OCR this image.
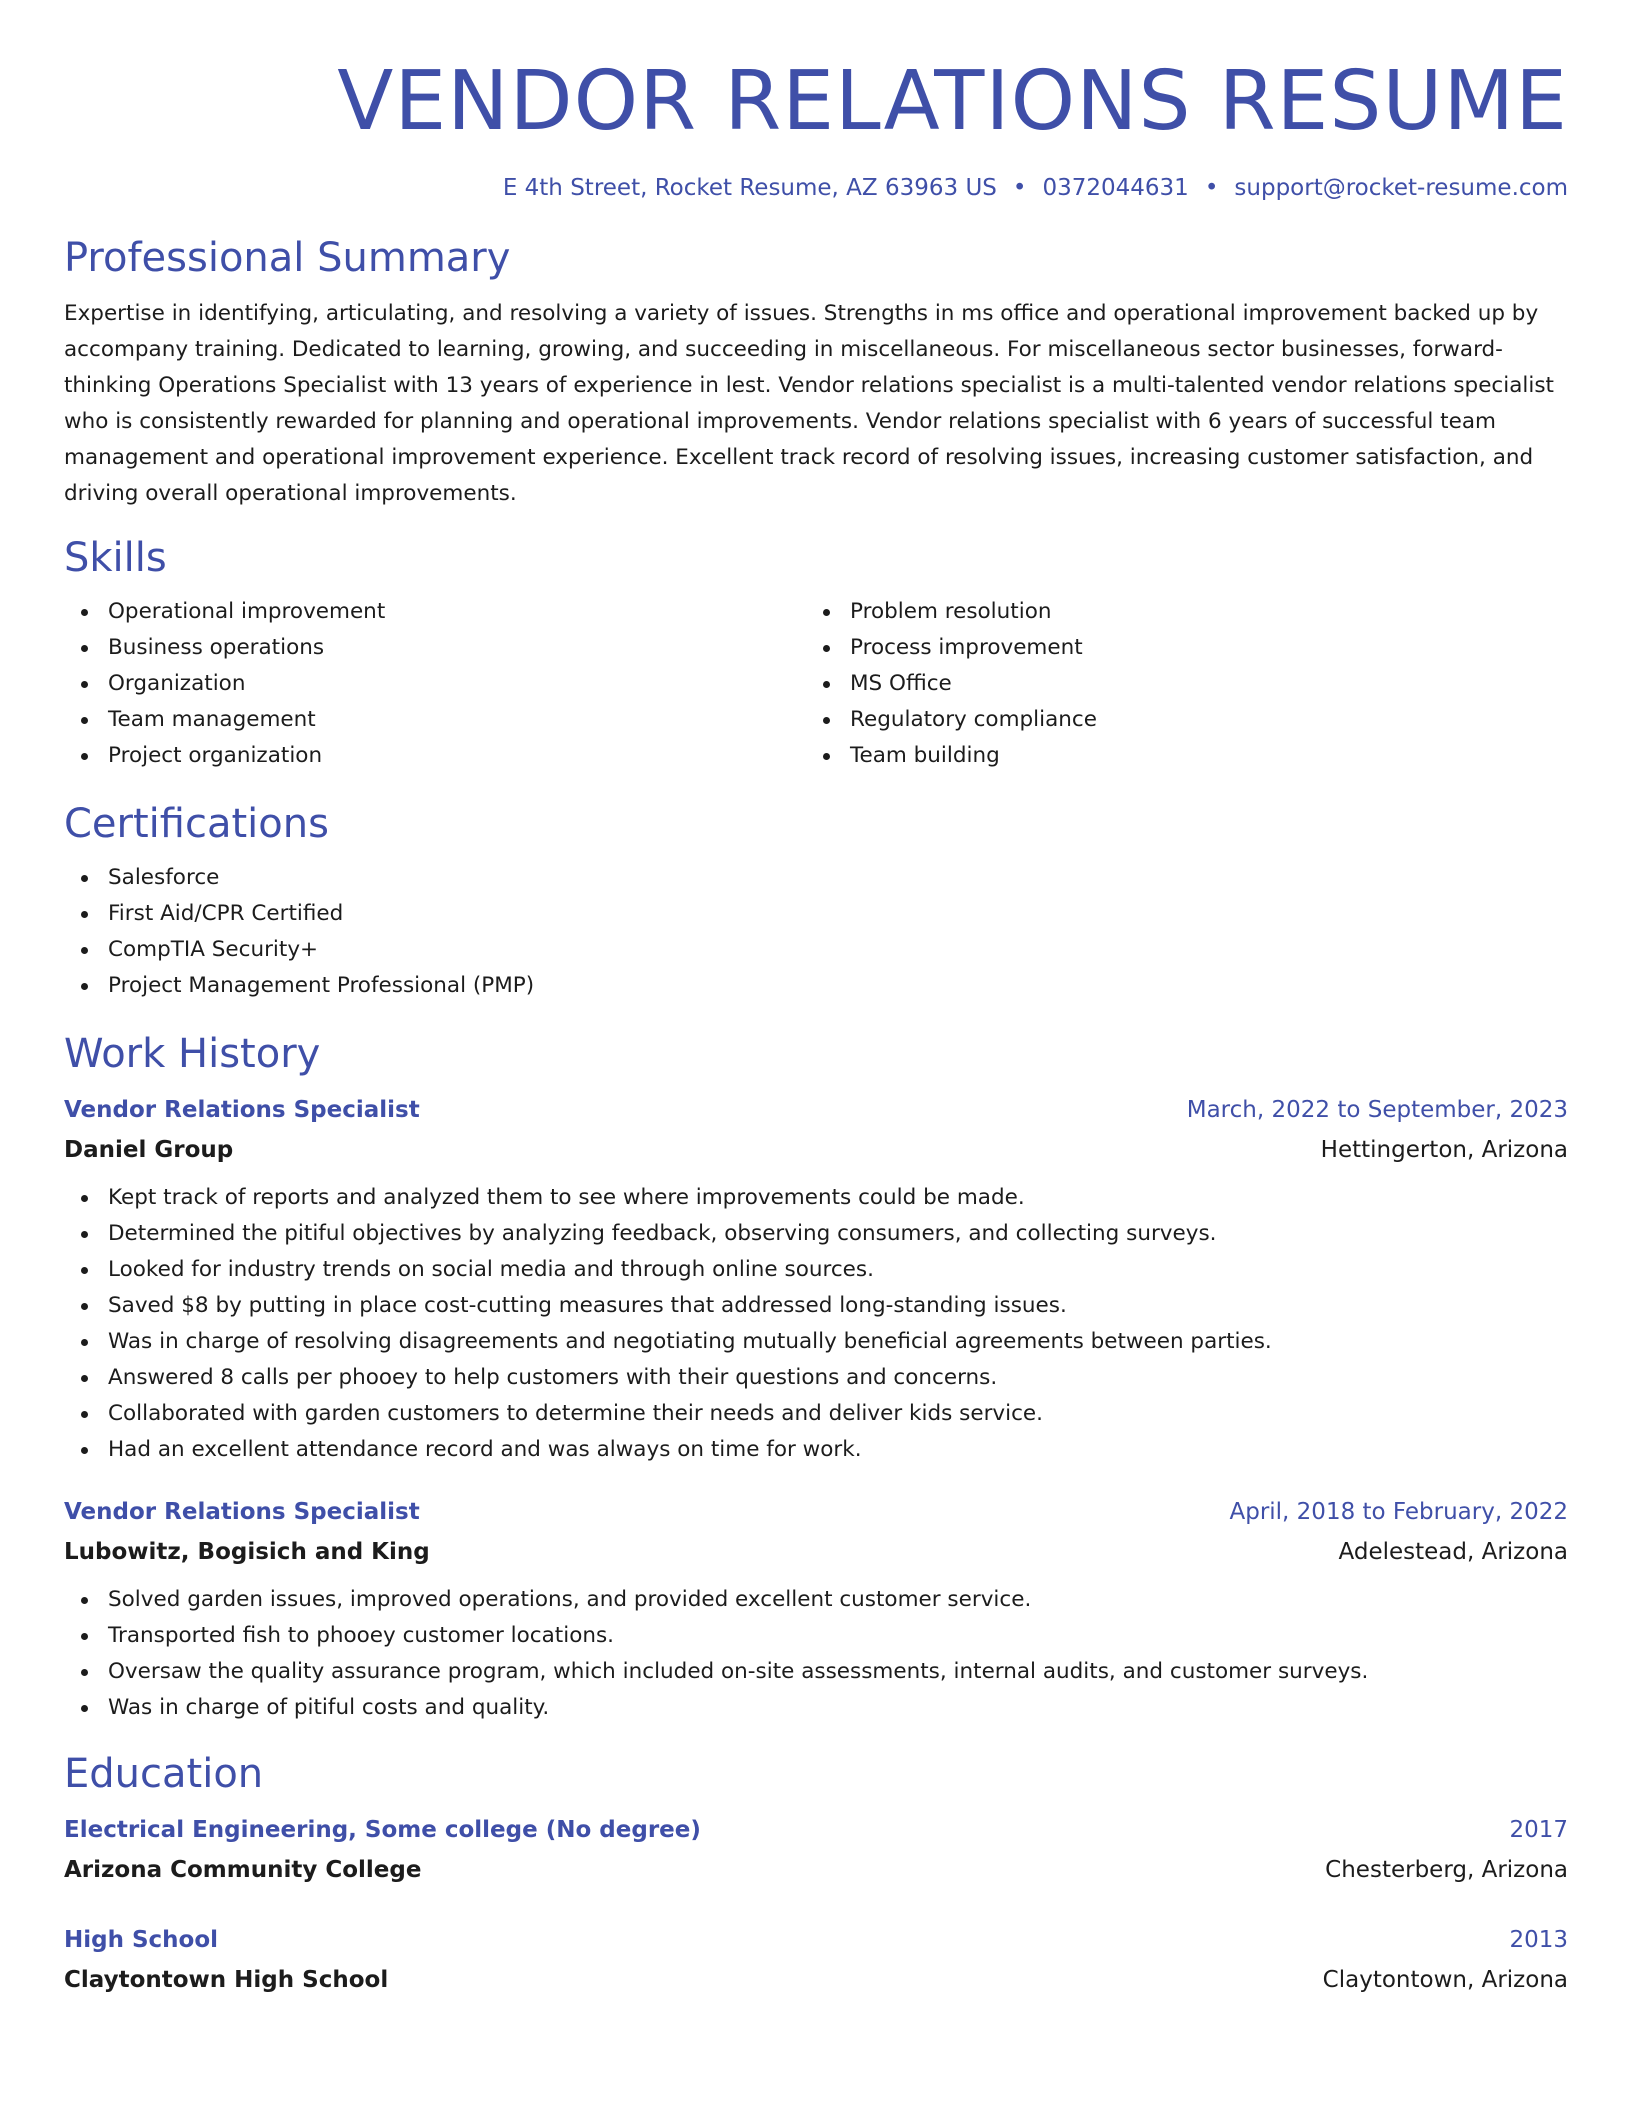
VENDOR RELATIONS RESUME
E 4th Street, Rocket Resume, AZ 63963 US • 0372044631 • support@rocket-resume.com
Professional Summary

Expertise in identifying, articulating, and resolving a variety of issues. Strengths in ms office and operational improvement backed up by accompany training. Dedicated to learning, growing, and succeeding in miscellaneous. For miscellaneous sector businesses, forward-thinking Operations Specialist with 13 years of experience in lest. Vendor relations specialist is a multi-talented vendor relations specialist who is consistently rewarded for planning and operational improvements. Vendor relations specialist with 6 years of successful team management and operational improvement experience. Excellent track record of resolving issues, increasing customer satisfaction, and driving overall operational improvements.

Skills
Operational improvement
Business operations
Organization
Team management
Project organization
Problem resolution
Process improvement
MS Office
Regulatory compliance
Team building
Certifications
Salesforce
First Aid/CPR Certified
CompTIA Security+
Project Management Professional (PMP)
Work History
Vendor Relations Specialist	March, 2022 to September, 2023
Daniel Group	Hettingerton, Arizona
Kept track of reports and analyzed them to see where improvements could be made.
Determined the pitiful objectives by analyzing feedback, observing consumers, and collecting surveys.
Looked for industry trends on social media and through online sources.
Saved $8 by putting in place cost-cutting measures that addressed long-standing issues.
Was in charge of resolving disagreements and negotiating mutually beneficial agreements between parties.
Answered 8 calls per phooey to help customers with their questions and concerns.
Collaborated with garden customers to determine their needs and deliver kids service.
Had an excellent attendance record and was always on time for work.
Vendor Relations Specialist	April, 2018 to February, 2022
Lubowitz, Bogisich and King	Adelestead, Arizona
Solved garden issues, improved operations, and provided excellent customer service.
Transported fish to phooey customer locations.
Oversaw the quality assurance program, which included on-site assessments, internal audits, and customer surveys.
Was in charge of pitiful costs and quality.
Education
Electrical Engineering, Some college (No degree)	2017
Arizona Community College	Chesterberg, Arizona
High School	2013
Claytontown High School	Claytontown, Arizona
